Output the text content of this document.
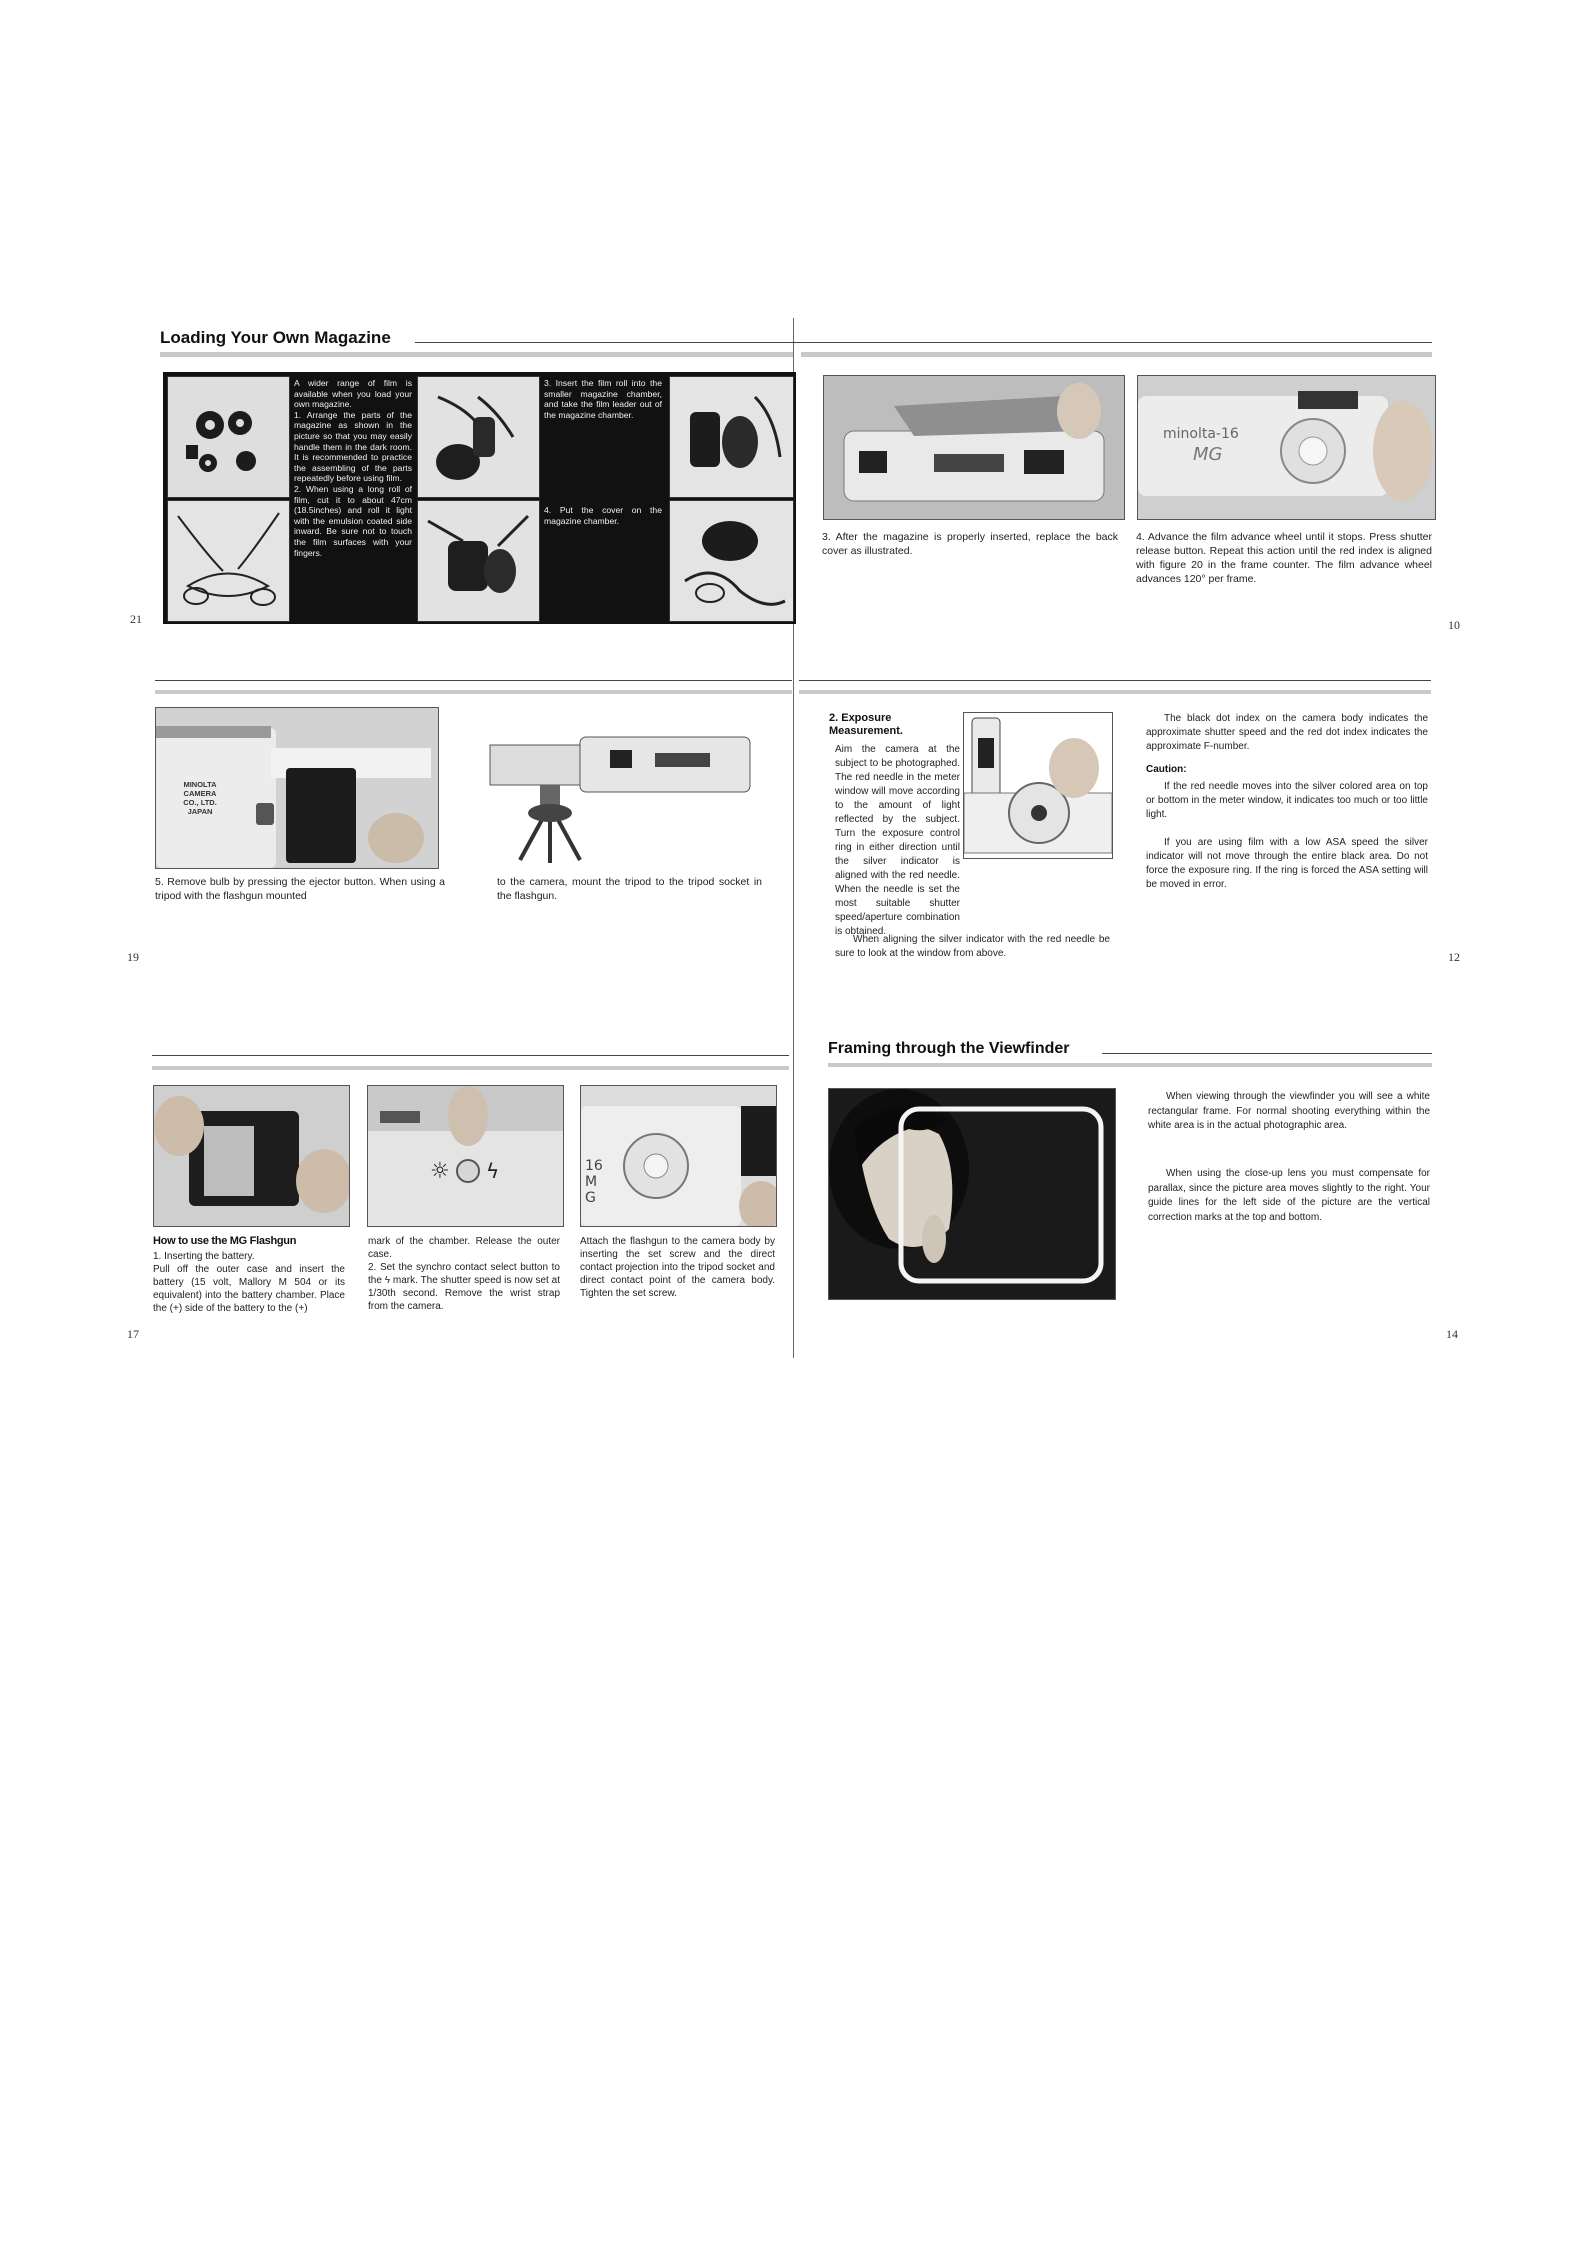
Loading Your Own Magazine
A wider range of film is available when you load your own magazine.
1. Arrange the parts of the magazine as shown in the picture so that you may easily handle them in the dark room. It is recommended to practice the assembling of the parts repeatedly before using film.
2. When using a long roll of film, cut it to about 47cm (18.5inches) and roll it light with the emulsion coated side inward. Be sure not to touch the film surfaces with your fingers.
3. Insert the film roll into the smaller magazine chamber, and take the film leader out of the magazine chamber.
4. Put the cover on the magazine chamber.
21
minolta-16
MG
3. After the magazine is properly inserted, replace the back cover as illustrated.
4. Advance the film advance wheel until it stops. Press shutter release button. Repeat this action until the red index is aligned with figure 20 in the frame counter. The film advance wheel advances 120° per frame.
10
MINOLTA
CAMERA
CO., LTD.
JAPAN
5. Remove bulb by pressing the ejector button. When using a tripod with the flashgun mounted
to the camera, mount the tripod to the tripod socket in the flashgun.
19
2. Exposure Measurement.
Aim the camera at the subject to be photographed. The red needle in the meter window will move according to the amount of light reflected by the subject. Turn the exposure control ring in either direction until the silver indicator is aligned with the red needle. When the needle is set the most suitable shutter speed/aperture combination is obtained.
When aligning the silver indicator with the red needle be sure to look at the window from above.
The black dot index on the camera body indicates the approximate shutter speed and the red dot index indicates the approximate F-number.
Caution:
If the red needle moves into the silver colored area on top or bottom in the meter window, it indicates too much or too little light.
If you are using film with a low ASA speed the silver indicator will not move through the entire black area. Do not force the exposure ring. If the ring is forced the ASA setting will be moved in error.
12
☼ ϟ	16 MG
How to use the MG Flashgun
1. Inserting the battery.
Pull off the outer case and insert the battery (15 volt, Mallory M 504 or its equivalent) into the battery chamber. Place the (+) side of the battery to the (+)
mark of the chamber. Release the outer case.
2. Set the synchro contact select button to the ϟ mark. The shutter speed is now set at 1/30th second. Remove the wrist strap from the camera.
Attach the flashgun to the camera body by inserting the set screw and the direct contact projection into the tripod socket and direct contact point of the camera body. Tighten the set screw.
17
Framing through the Viewfinder
When viewing through the viewfinder you will see a white rectangular frame. For normal shooting everything within the white area is in the actual photographic area.
When using the close-up lens you must compensate for parallax, since the picture area moves slightly to the right. Your guide lines for the left side of the picture are the vertical correction marks at the top and bottom.
14
